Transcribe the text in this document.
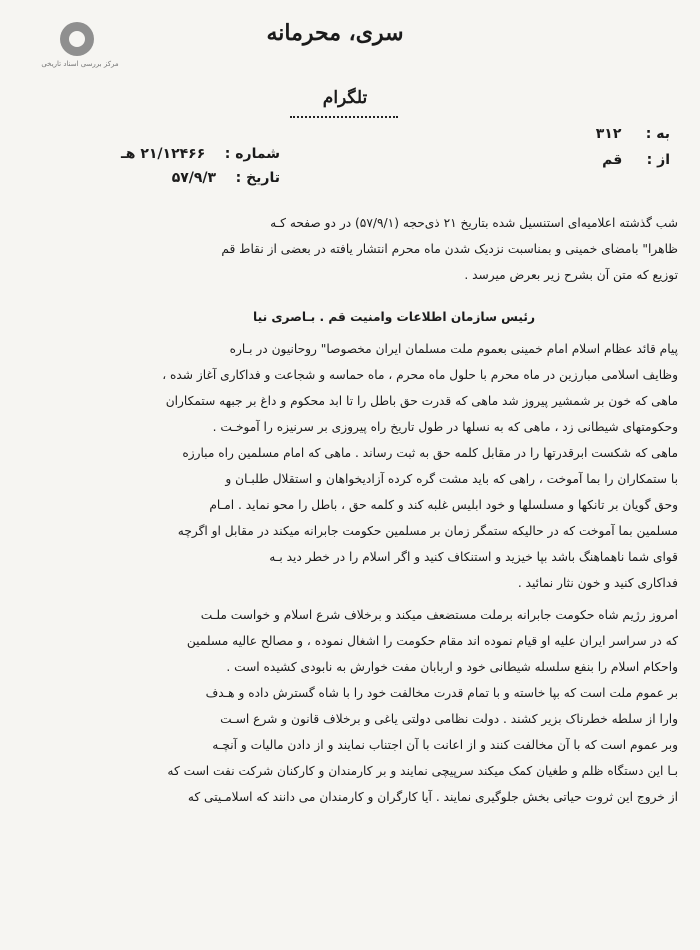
مرکز بررسی اسناد تاریخی
سری، محرمانه
تلگرام
به :     ۳۱۲
از :     قم
شماره :    ۲۱/۱۲۴۶۶ هـ
تاریخ :    ۵۷/۹/۳
شب گذشته اعلامیه‌ای استنسیل شده بتاریخ ۲۱ ذی‌حجه (۵۷/۹/۱) در دو صفحه کـه
ظاهرا" بامضای خمینی و بمناسبت نزدیک شدن ماه محرم انتشار یافته در بعضی از نقاط قم
توزیع که متن آن بشرح زیر بعرض میرسد .
رئیس سازمان اطلاعات وامنیت قم . بـاصری نیا
پیام قائد عظام اسلام امام خمینی بعموم ملت مسلمان ایران مخصوصا" روحانیون در بـاره
وظایف اسلامی مبارزین در ماه محرم با حلول ماه محرم ، ماه حماسه و شجاعت و فداکاری آغاز شده ،
ماهی که خون بر شمشیر پیروز شد ماهی که قدرت حق باطل را تا ابد محکوم و داغ بر جبهه ستمکاران
وحکومتهای شیطانی زد ، ماهی که به نسلها در طول تاریخ راه پیروزی بر سرنیزه را آموخـت .
ماهی که شکست ابرقدرتها را در مقابل کلمه حق به ثبت رساند . ماهی که امام مسلمین راه مبارزه
با ستمکاران را بما آموخت ، راهی که باید مشت گره کرده آزادیخواهان و استقلال طلبـان و
وحق گویان بر تانکها و مسلسلها و خود ابلیس غلبه کند و کلمه حق ، باطل را محو نماید . امـام
مسلمین بما آموخت که در حالیکه ستمگر زمان بر مسلمین حکومت جابرانه میکند در مقابل او اگرچه
قوای شما ناهماهنگ باشد بپا خیزید و استنکاف کنید و اگر اسلام را در خطر دید بـه
فداکاری کنید و خون نثار نمائید .
امروز رژیم شاه حکومت جابرانه برملت مستضعف میکند و برخلاف شرع اسلام و خواست ملـت
که در سراسر ایران علیه او قیام نموده اند مقام حکومت را اشغال نموده ، و مصالح عالیه مسلمین
واحکام اسلام را بنفع سلسله شیطانی خود و اربابان مفت خوارش به نابودی کشیده است .
بر عموم ملت است که بپا خاسته و با تمام قدرت مخالفت خود را با شاه گسترش داده و هـدف
وارا از سلطه خطرناک بزیر کشند . دولت نظامی دولتی یاغی و برخلاف قانون و شرع اسـت
وبر عموم است که با آن مخالفت کنند و از اعانت با آن اجتناب نمایند و از دادن مالیات و آنچـه
بـا این دستگاه ظلم و طغیان کمک میکند سرپیچی نمایند و بر کارمندان و کارکنان شرکت نفت است که
از خروج این ثروت حیاتی بخش جلوگیری نمایند . آیا کارگران و کارمندان می دانند که اسلامـیتی که
